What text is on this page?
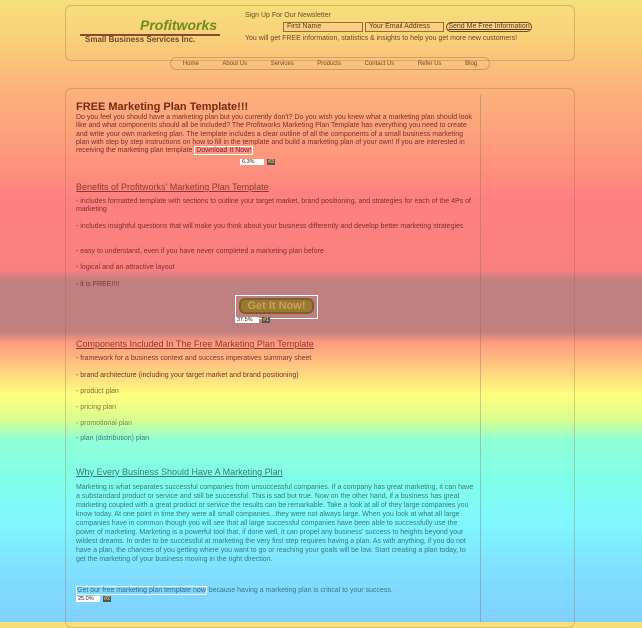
Profitworks
Small Business Services Inc.
Sign Up For Our Newsletter
First Name	Your Email Address	Send Me Free Information
You will get FREE information, statistics & insights to help you get more new customers!
Home	About Us	Services	Products	Contact Us	Refer Us	Blog
FREE Marketing Plan Template!!!
Do you feel you should have a marketing plan but you currently don't? Do you wish you knew what a marketing plan should look like and what components should all be included? The Profitworks Marketing Plan Template has everything you need to create and write your own marketing plan. The template includes a clear outline of all the components of a small business marketing plan with step by step instructions on how to fill in the template and build a marketing plan of your own! If you are interested in receiving the marketing plan template Download It Now!
6.3%	#3
Benefits of Profitworks' Marketing Plan Template
- includes formatted template with sections to outline your target market, brand positioning, and strategies for each of the 4Ps of marketing
- includes insightful questions that will make you think about your business differently and develop better marketing strategies
- easy to understand, even if you have never completed a marketing plan before
- logical and an attractive layout
- it is FREE!!!!
Get It Now!
37.5%	#1
Components Included In The Free Marketing Plan Template
- framework for a business context and success imperatives summary sheet
- brand architecture (including your target market and brand positioning)
- product plan
- pricing plan
- promotional plan
- plan (distribution) plan
Why Every Business Should Have A Marketing Plan
Marketing is what separates successful companies from unsuccessful companies. If a company has great marketing, it can have a substandard product or service and still be successful. This is sad but true. Now on the other hand, if a business has great marketing coupled with a great product or service the results can be remarkable. Take a look at all of they large companies you know today. At one point in time they were all small companies...they were not always large. When you look at what all large companies have in common though you will see that all large successful companies have been able to successfully use the power of marketing. Marketing is a powerful tool that, if done well, it can propel any business' success to heights beyond your wildest dreams. In order to be successful at marketing the very first step requires having a plan. As with anything, if you do not have a plan, the chances of you getting where you want to go or reaching your goals will be low. Start creating a plan today, to get the marketing of your business moving in the right direction.
Get our free marketing plan template now because having a marketing plan is critical to your success.
25.0%	#2
